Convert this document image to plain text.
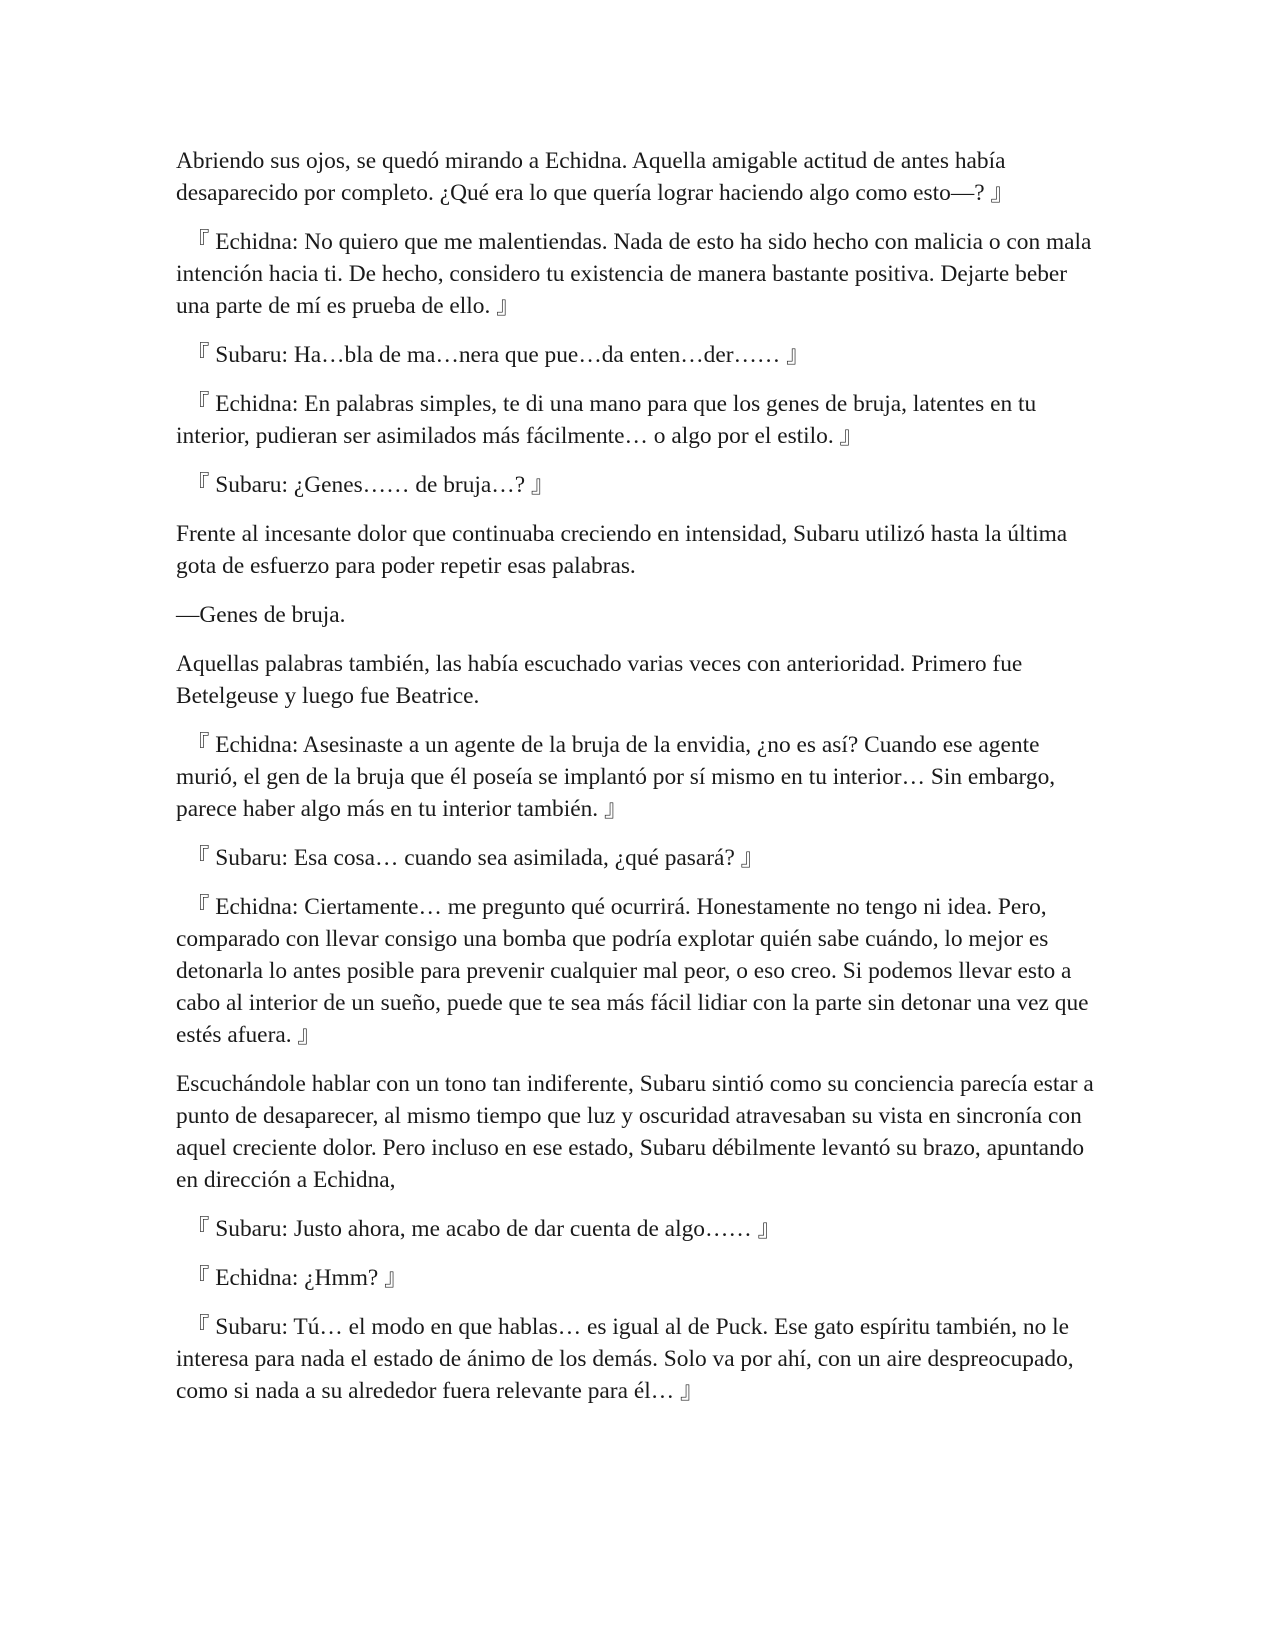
Abriendo sus ojos, se quedó mirando a Echidna. Aquella amigable actitud de antes había desaparecido por completo. ¿Qué era lo que quería lograr haciendo algo como esto—? 』

『 Echidna: No quiero que me malentiendas. Nada de esto ha sido hecho con malicia o con mala intención hacia ti. De hecho, considero tu existencia de manera bastante positiva. Dejarte beber una parte de mí es prueba de ello. 』

『 Subaru: Ha…bla de ma…nera que pue…da enten…der…… 』

『 Echidna: En palabras simples, te di una mano para que los genes de bruja, latentes en tu interior, pudieran ser asimilados más fácilmente… o algo por el estilo. 』

『 Subaru: ¿Genes…… de bruja…? 』

Frente al incesante dolor que continuaba creciendo en intensidad, Subaru utilizó hasta la última gota de esfuerzo para poder repetir esas palabras.

—Genes de bruja.

Aquellas palabras también, las había escuchado varias veces con anterioridad. Primero fue Betelgeuse y luego fue Beatrice.

『 Echidna: Asesinaste a un agente de la bruja de la envidia, ¿no es así? Cuando ese agente murió, el gen de la bruja que él poseía se implantó por sí mismo en tu interior… Sin embargo, parece haber algo más en tu interior también. 』

『 Subaru: Esa cosa… cuando sea asimilada, ¿qué pasará? 』

『 Echidna: Ciertamente… me pregunto qué ocurrirá. Honestamente no tengo ni idea. Pero, comparado con llevar consigo una bomba que podría explotar quién sabe cuándo, lo mejor es detonarla lo antes posible para prevenir cualquier mal peor, o eso creo. Si podemos llevar esto a cabo al interior de un sueño, puede que te sea más fácil lidiar con la parte sin detonar una vez que estés afuera. 』

Escuchándole hablar con un tono tan indiferente, Subaru sintió como su conciencia parecía estar a punto de desaparecer, al mismo tiempo que luz y oscuridad atravesaban su vista en sincronía con aquel creciente dolor. Pero incluso en ese estado, Subaru débilmente levantó su brazo, apuntando en dirección a Echidna,

『 Subaru: Justo ahora, me acabo de dar cuenta de algo…… 』

『 Echidna: ¿Hmm? 』

『 Subaru: Tú… el modo en que hablas… es igual al de Puck. Ese gato espíritu también, no le interesa para nada el estado de ánimo de los demás. Solo va por ahí, con un aire despreocupado, como si nada a su alrededor fuera relevante para él… 』
